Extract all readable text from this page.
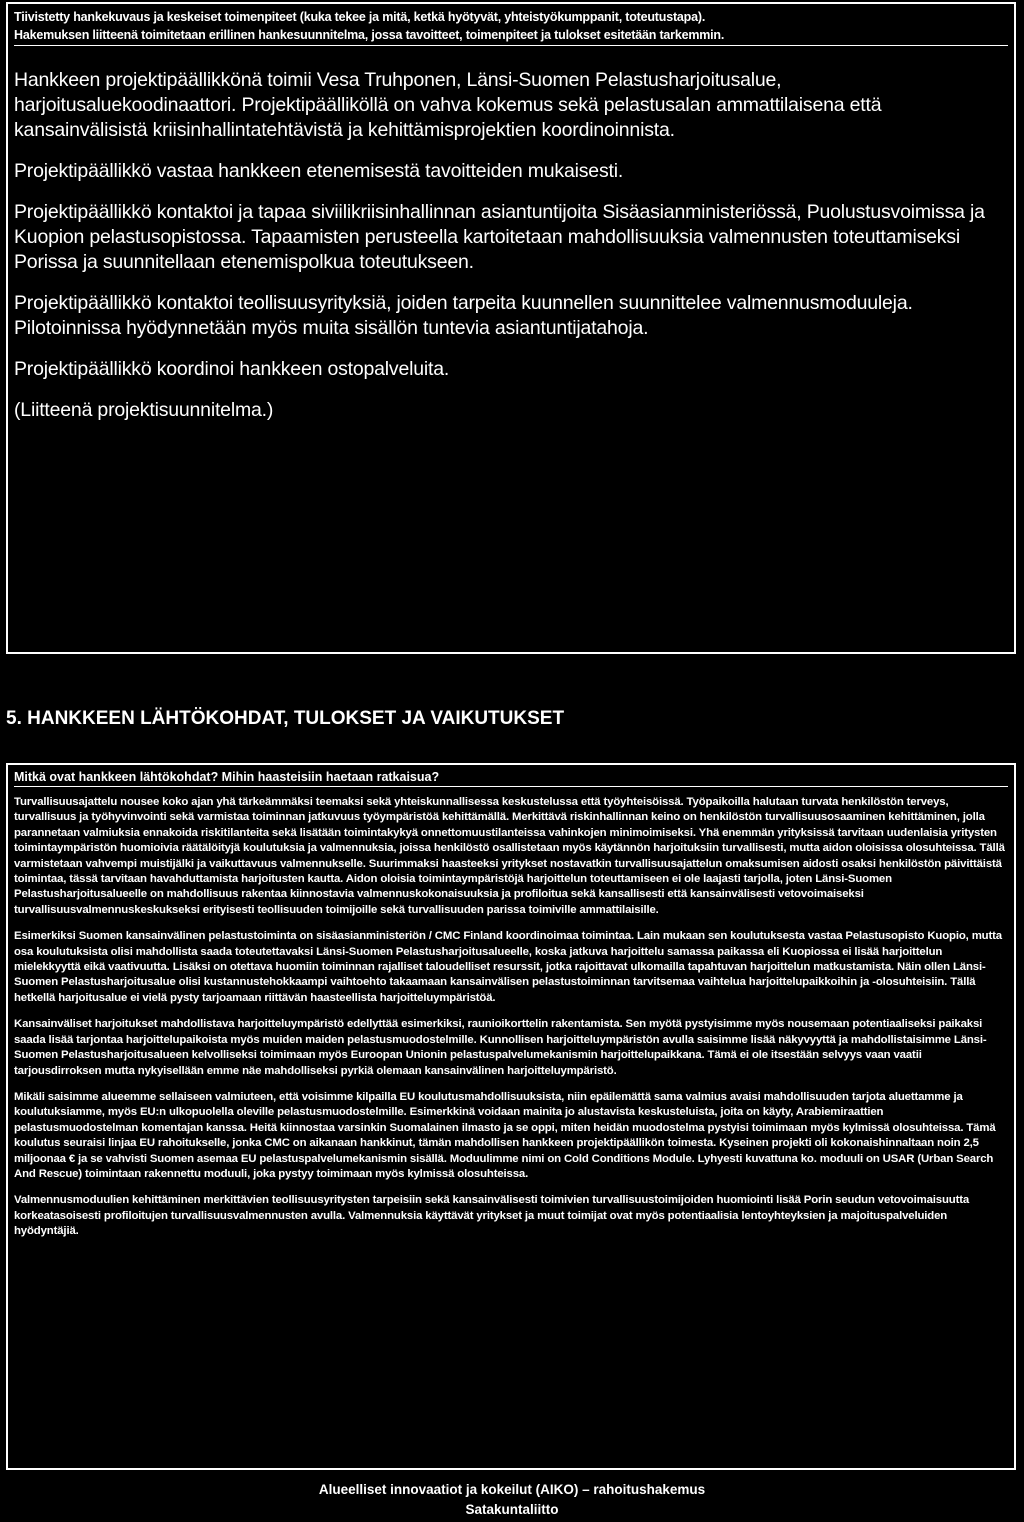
Tiivistetty hankekuvaus ja keskeiset toimenpiteet (kuka tekee ja mitä, ketkä hyötyvät, yhteistyökumppanit, toteutustapa).
Hakemuksen liitteenä toimitetaan erillinen hankesuunnitelma, jossa tavoitteet, toimenpiteet ja tulokset esitetään tarkemmin.

Hankkeen projektipäällikkönä toimii Vesa Truhponen, Länsi-Suomen Pelastusharjoitusalue, harjoitusaluekoodinaattori. Projektipäälliköllä on vahva kokemus sekä pelastusalan ammattilaisena että kansainvälisistä kriisinhallintatehtävistä ja kehittämisprojektien koordinoinnista.

Projektipäällikkö vastaa hankkeen etenemisestä tavoitteiden mukaisesti.

Projektipäällikkö kontaktoi ja tapaa siviilikriisinhallinnan asiantuntijoita Sisäasianministeriössä, Puolustusvoimissa ja Kuopion pelastusopistossa. Tapaamisten perusteella kartoitetaan mahdollisuuksia valmennusten toteuttamiseksi Porissa ja suunnitellaan etenemispolkua toteutukseen.

Projektipäällikkö kontaktoi teollisuusyrityksiä, joiden tarpeita kuunnellen suunnittelee valmennusmoduuleja. Pilotoinnissa hyödynnetään myös muita sisällön tuntevia asiantuntijatahoja.

Projektipäällikkö koordinoi hankkeen ostopalveluita.

(Liitteenä projektisuunnitelma.)

5. HANKKEEN LÄHTÖKOHDAT, TULOKSET JA VAIKUTUKSET
Mitkä ovat hankkeen lähtökohdat? Mihin haasteisiin haetaan ratkaisua?

Turvallisuusajattelu nousee koko ajan yhä tärkeämmäksi teemaksi sekä yhteiskunnallisessa keskustelussa että työyhteisöissä. Työpaikoilla halutaan turvata henkilöstön terveys, turvallisuus ja työhyvinvointi sekä varmistaa toiminnan jatkuvuus työympäristöä kehittämällä. Merkittävä riskinhallinnan keino on henkilöstön turvallisuusosaaminen kehittäminen, jolla parannetaan valmiuksia ennakoida riskitilanteita sekä lisätään toimintakykyä onnettomuustilanteissa vahinkojen minimoimiseksi. Yhä enemmän yrityksissä tarvitaan uudenlaisia yritysten toimintaympäristön huomioivia räätälöityjä koulutuksia ja valmennuksia, joissa henkilöstö osallistetaan myös käytännön harjoituksiin turvallisesti, mutta aidon oloisissa olosuhteissa. Tällä varmistetaan vahvempi muistijälki ja vaikuttavuus valmennukselle. Suurimmaksi haasteeksi yritykset nostavatkin turvallisuusajattelun omaksumisen aidosti osaksi henkilöstön päivittäistä toimintaa, tässä tarvitaan havahduttamista harjoitusten kautta. Aidon oloisia toimintaympäristöjä harjoittelun toteuttamiseen ei ole laajasti tarjolla, joten Länsi-Suomen Pelastusharjoitusalueelle on mahdollisuus rakentaa kiinnostavia valmennuskokonaisuuksia ja profiloitua sekä kansallisesti että kansainvälisesti vetovoimaiseksi turvallisuusvalmennuskeskukseksi erityisesti teollisuuden toimijoille sekä turvallisuuden parissa toimiville ammattilaisille.

Esimerkiksi Suomen kansainvälinen pelastustoiminta on sisäasianministeriön / CMC Finland koordinoimaa toimintaa. Lain mukaan sen koulutuksesta vastaa Pelastusopisto Kuopio, mutta osa koulutuksista olisi mahdollista saada toteutettavaksi Länsi-Suomen Pelastusharjoitusalueelle, koska jatkuva harjoittelu samassa paikassa eli Kuopiossa ei lisää harjoittelun mielekkyyttä eikä vaativuutta. Lisäksi on otettava huomiin toiminnan rajalliset taloudelliset resurssit, jotka rajoittavat ulkomailla tapahtuvan harjoittelun matkustamista. Näin ollen Länsi-Suomen Pelastusharjoitusalue olisi kustannustehokkaampi vaihtoehto takaamaan kansainvälisen pelastustoiminnan tarvitsemaa vaihtelua harjoittelupaikkoihin ja -olosuhteisiin. Tällä hetkellä harjoitusalue ei vielä pysty tarjoamaan riittävän haasteellista harjoitteluympäristöä.

Kansainväliset harjoitukset mahdollistava harjoitteluympäristö edellyttää esimerkiksi, raunioikorttelin rakentamista. Sen myötä pystyisimme myös nousemaan potentiaaliseksi paikaksi saada lisää tarjontaa harjoittelupaikoista myös muiden maiden pelastusmuodostelmille. Kunnollisen harjoitteluympäristön avulla saisimme lisää näkyvyyttä ja mahdollistaisimme Länsi-Suomen Pelastusharjoitusalueen kelvolliseksi toimimaan myös Euroopan Unionin pelastuspalvelumekanismin harjoittelupaikkana. Tämä ei ole itsestään selvyys vaan vaatii tarjousdirroksen mutta nykyisellään emme näe mahdolliseksi pyrkiä olemaan kansainvälinen harjoitteluympäristö.

Mikäli saisimme alueemme sellaiseen valmiuteen, että voisimme kilpailla EU koulutusmahdollisuuksista, niin epäilemättä sama valmius avaisi mahdollisuuden tarjota aluettamme ja koulutuksiamme, myös EU:n ulkopuolella oleville pelastusmuodostelmille. Esimerkkinä voidaan mainita jo alustavista keskusteluista, joita on käyty, Arabiemiraattien pelastusmuodostelman komentajan kanssa. Heitä kiinnostaa varsinkin Suomalainen ilmasto ja se oppi, miten heidän muodostelma pystyisi toimimaan myös kylmissä olosuhteissa. Tämä koulutus seuraisi linjaa EU rahoitukselle, jonka CMC on aikanaan hankkinut, tämän mahdollisen hankkeen projektipäällikön toimesta. Kyseinen projekti oli kokonaishinnaltaan noin 2,5 miljoonaa € ja se vahvisti Suomen asemaa EU pelastuspalvelumekanismin sisällä. Moduulimme nimi on Cold Conditions Module. Lyhyesti kuvattuna ko. moduuli on USAR (Urban Search And Rescue) toimintaan rakennettu moduuli, joka pystyy toimimaan myös kylmissä olosuhteissa.

Valmennusmoduulien kehittäminen merkittävien teollisuusyritysten tarpeisiin sekä kansainvälisesti toimivien turvallisuustoimijoiden huomiointi lisää Porin seudun vetovoimaisuutta korkeatasoisesti profiloitujen turvallisuusvalmennusten avulla. Valmennuksia käyttävät yritykset ja muut toimijat ovat myös potentiaalisia lentoyhteyksien ja majoituspalveluiden hyödyntäjiä.

Alueelliset innovaatiot ja kokeilut (AIKO) – rahoitushakemus
Satakuntaliitto
